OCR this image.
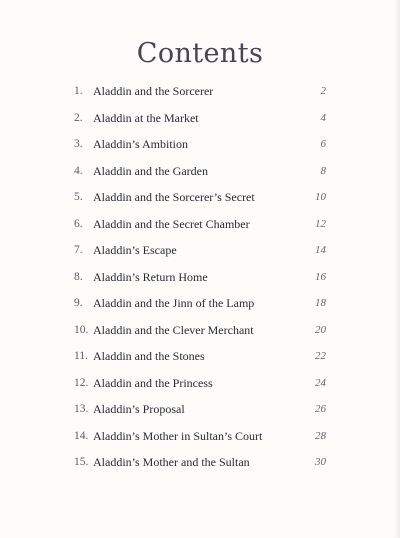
Contents
1. Aladdin and the Sorcerer	2
2. Aladdin at the Market	4
3. Aladdin’s Ambition	6
4. Aladdin and the Garden	8
5. Aladdin and the Sorcerer’s Secret	10
6. Aladdin and the Secret Chamber	12
7. Aladdin’s Escape	14
8. Aladdin’s Return Home	16
9. Aladdin and the Jinn of the Lamp	18
10. Aladdin and the Clever Merchant	20
11. Aladdin and the Stones	22
12. Aladdin and the Princess	24
13. Aladdin’s Proposal	26
14. Aladdin’s Mother in Sultan’s Court	28
15. Aladdin’s Mother and the Sultan	30
